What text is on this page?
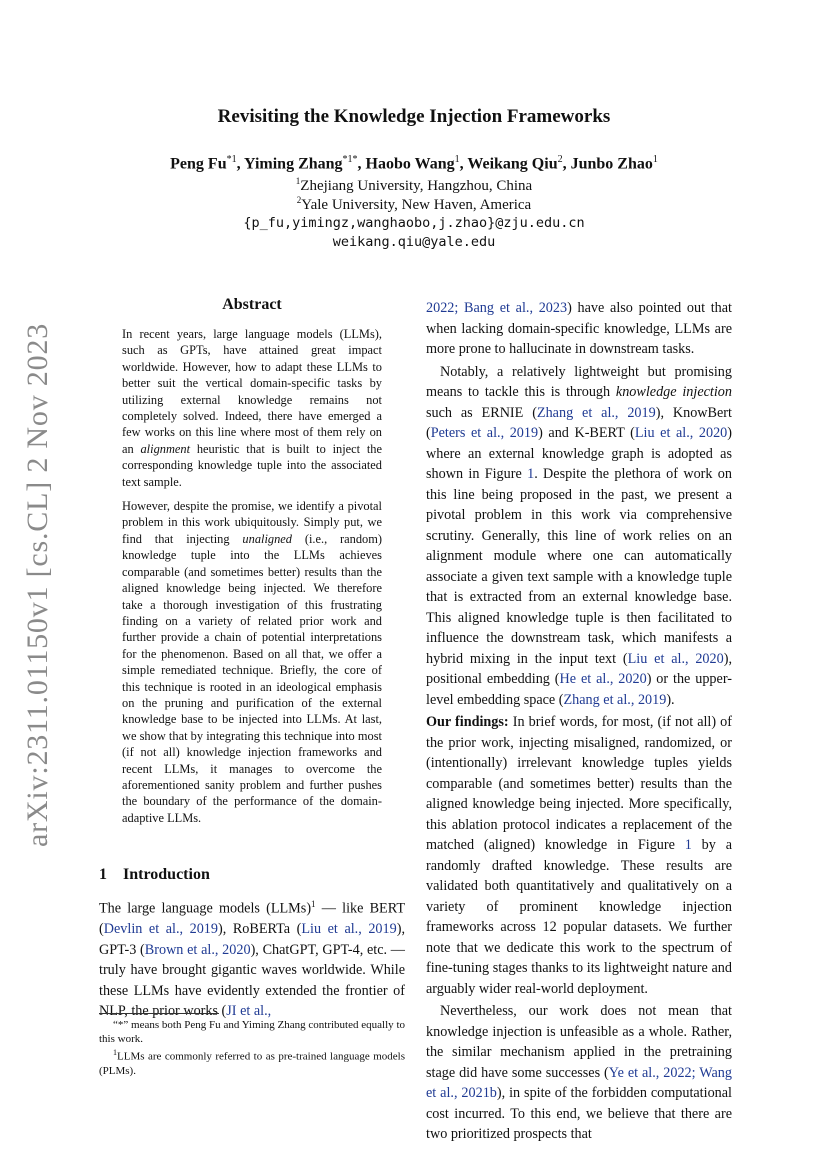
arXiv:2311.01150v1 [cs.CL] 2 Nov 2023
Revisiting the Knowledge Injection Frameworks
Peng Fu$^{*1}$, Yiming Zhang$^{*1*}$, Haobo Wang$^1$, Weikang Qiu$^2$, Junbo Zhao$^1$
$^1$Zhejiang University, Hangzhou, China
$^2$Yale University, New Haven, America
{p_fu,yimingz,wanghaobo,j.zhao}@zju.edu.cn
weikang.qiu@yale.edu
Abstract

In recent years, large language models (LLMs), such as GPTs, have attained great impact worldwide. However, how to adapt these LLMs to better suit the vertical domain-specific tasks by utilizing external knowledge remains not completely solved. Indeed, there have emerged a few works on this line where most of them rely on an alignment heuristic that is built to inject the corresponding knowledge tuple into the associated text sample.

However, despite the promise, we identify a pivotal problem in this work ubiquitously. Simply put, we find that injecting unaligned (i.e., random) knowledge tuple into the LLMs achieves comparable (and sometimes better) results than the aligned knowledge being injected. We therefore take a thorough investigation of this frustrating finding on a variety of related prior work and further provide a chain of potential interpretations for the phenomenon. Based on all that, we offer a simple remediated technique. Briefly, the core of this technique is rooted in an ideological emphasis on the pruning and purification of the external knowledge base to be injected into LLMs. At last, we show that by integrating this technique into most (if not all) knowledge injection frameworks and recent LLMs, it manages to overcome the aforementioned sanity problem and further pushes the boundary of the performance of the domain-adaptive LLMs.

1 Introduction

The large language models (LLMs)$^1$ — like BERT (Devlin et al., 2019), RoBERTa (Liu et al., 2019), GPT-3 (Brown et al., 2020), ChatGPT, GPT-4, etc. — truly have brought gigantic waves worldwide. While these LLMs have evidently extended the frontier of NLP, the prior works (JI et al.,

“*” means both Peng Fu and Yiming Zhang contributed equally to this work.
$^1$LLMs are commonly referred to as pre-trained language models (PLMs).

2022; Bang et al., 2023) have also pointed out that when lacking domain-specific knowledge, LLMs are more prone to hallucinate in downstream tasks.

Notably, a relatively lightweight but promising means to tackle this is through knowledge injection such as ERNIE (Zhang et al., 2019), KnowBert (Peters et al., 2019) and K-BERT (Liu et al., 2020) where an external knowledge graph is adopted as shown in Figure 1. Despite the plethora of work on this line being proposed in the past, we present a pivotal problem in this work via comprehensive scrutiny. Generally, this line of work relies on an alignment module where one can automatically associate a given text sample with a knowledge tuple that is extracted from an external knowledge base. This aligned knowledge tuple is then facilitated to influence the downstream task, which manifests a hybrid mixing in the input text (Liu et al., 2020), positional embedding (He et al., 2020) or the upper-level embedding space (Zhang et al., 2019).

Our findings: In brief words, for most, (if not all) of the prior work, injecting misaligned, randomized, or (intentionally) irrelevant knowledge tuples yields comparable (and sometimes better) results than the aligned knowledge being injected. More specifically, this ablation protocol indicates a replacement of the matched (aligned) knowledge in Figure 1 by a randomly drafted knowledge. These results are validated both quantitatively and qualitatively on a variety of prominent knowledge injection frameworks across 12 popular datasets. We further note that we dedicate this work to the spectrum of fine-tuning stages thanks to its lightweight nature and arguably wider real-world deployment.

Nevertheless, our work does not mean that knowledge injection is unfeasible as a whole. Rather, the similar mechanism applied in the pretraining stage did have some successes (Ye et al., 2022; Wang et al., 2021b), in spite of the forbidden computational cost incurred. To this end, we believe that there are two prioritized prospects that
